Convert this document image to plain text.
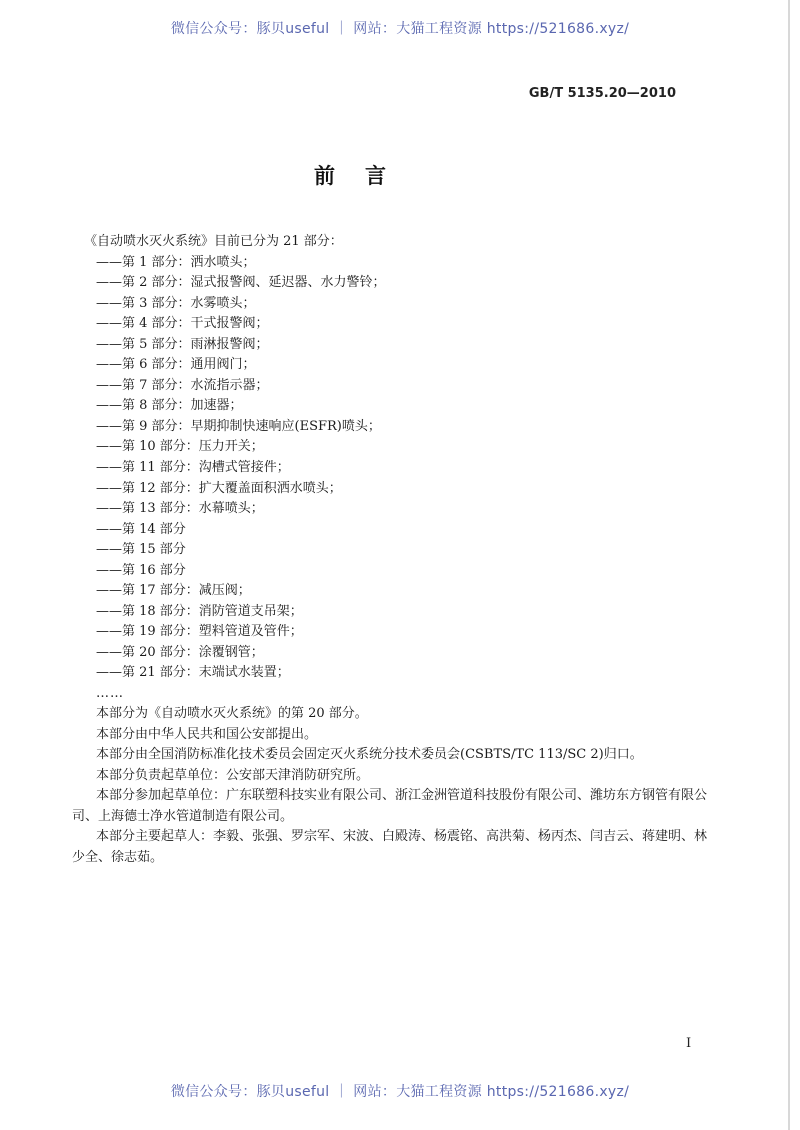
微信公众号：豚贝useful ｜ 网站：大猫工程资源 https://521686.xyz/
GB/T 5135.20—2010
前言
《自动喷水灭火系统》目前已分为 21 部分：
——第 1 部分：洒水喷头；
——第 2 部分：湿式报警阀、延迟器、水力警铃；
——第 3 部分：水雾喷头；
——第 4 部分：干式报警阀；
——第 5 部分：雨淋报警阀；
——第 6 部分：通用阀门；
——第 7 部分：水流指示器；
——第 8 部分：加速器；
——第 9 部分：早期抑制快速响应(ESFR)喷头；
——第 10 部分：压力开关；
——第 11 部分：沟槽式管接件；
——第 12 部分：扩大覆盖面积洒水喷头；
——第 13 部分：水幕喷头；
——第 14 部分
——第 15 部分
——第 16 部分
——第 17 部分：减压阀；
——第 18 部分：消防管道支吊架；
——第 19 部分：塑料管道及管件；
——第 20 部分：涂覆钢管；
——第 21 部分：末端试水装置；
……

本部分为《自动喷水灭火系统》的第 20 部分。

本部分由中华人民共和国公安部提出。

本部分由全国消防标准化技术委员会固定灭火系统分技术委员会(CSBTS/TC 113/SC 2)归口。

本部分负责起草单位：公安部天津消防研究所。

本部分参加起草单位：广东联塑科技实业有限公司、浙江金洲管道科技股份有限公司、潍坊东方钢管有限公司、上海德士净水管道制造有限公司。

本部分主要起草人：李毅、张强、罗宗军、宋波、白殿涛、杨震铭、高洪菊、杨丙杰、闫吉云、蒋建明、林少全、徐志茹。

I
微信公众号：豚贝useful ｜ 网站：大猫工程资源 https://521686.xyz/
